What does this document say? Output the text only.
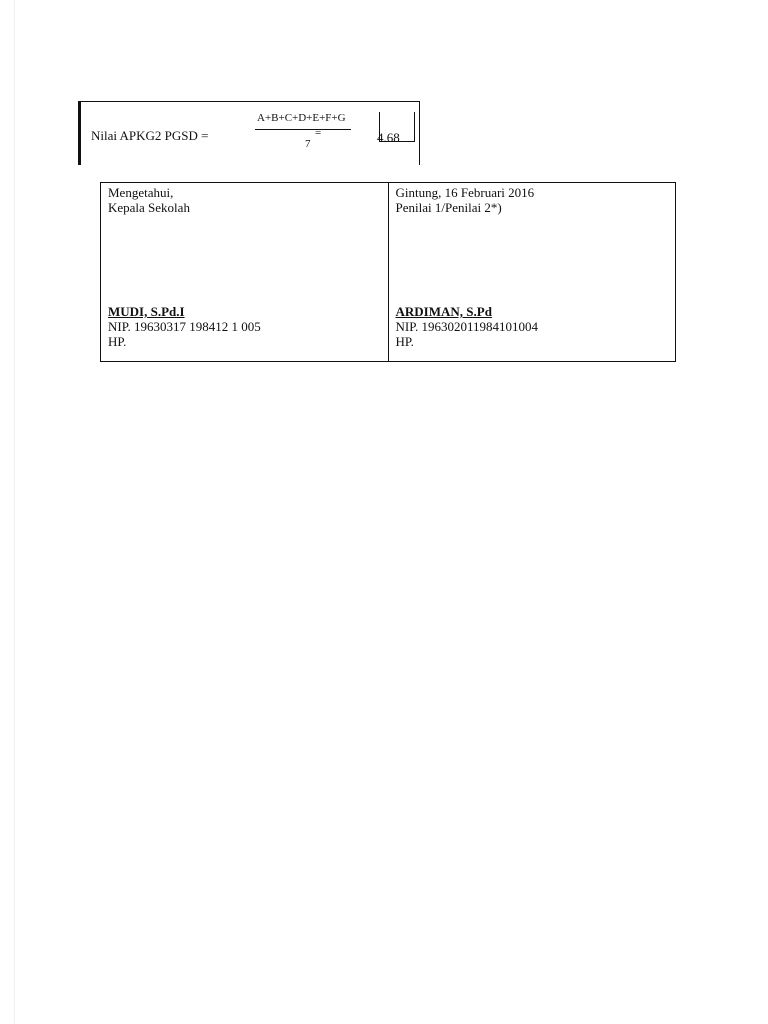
Nilai APKG2 PGSD =
A+B+C+D+E+F+G
=
7	4.68
Mengetahui,
Kepala Sekolah
MUDI, S.Pd.I
NIP. 19630317 198412 1 005
HP.
Gintung, 16 Februari 2016
Penilai 1/Penilai 2*)
ARDIMAN, S.Pd
NIP. 196302011984101004
HP.
